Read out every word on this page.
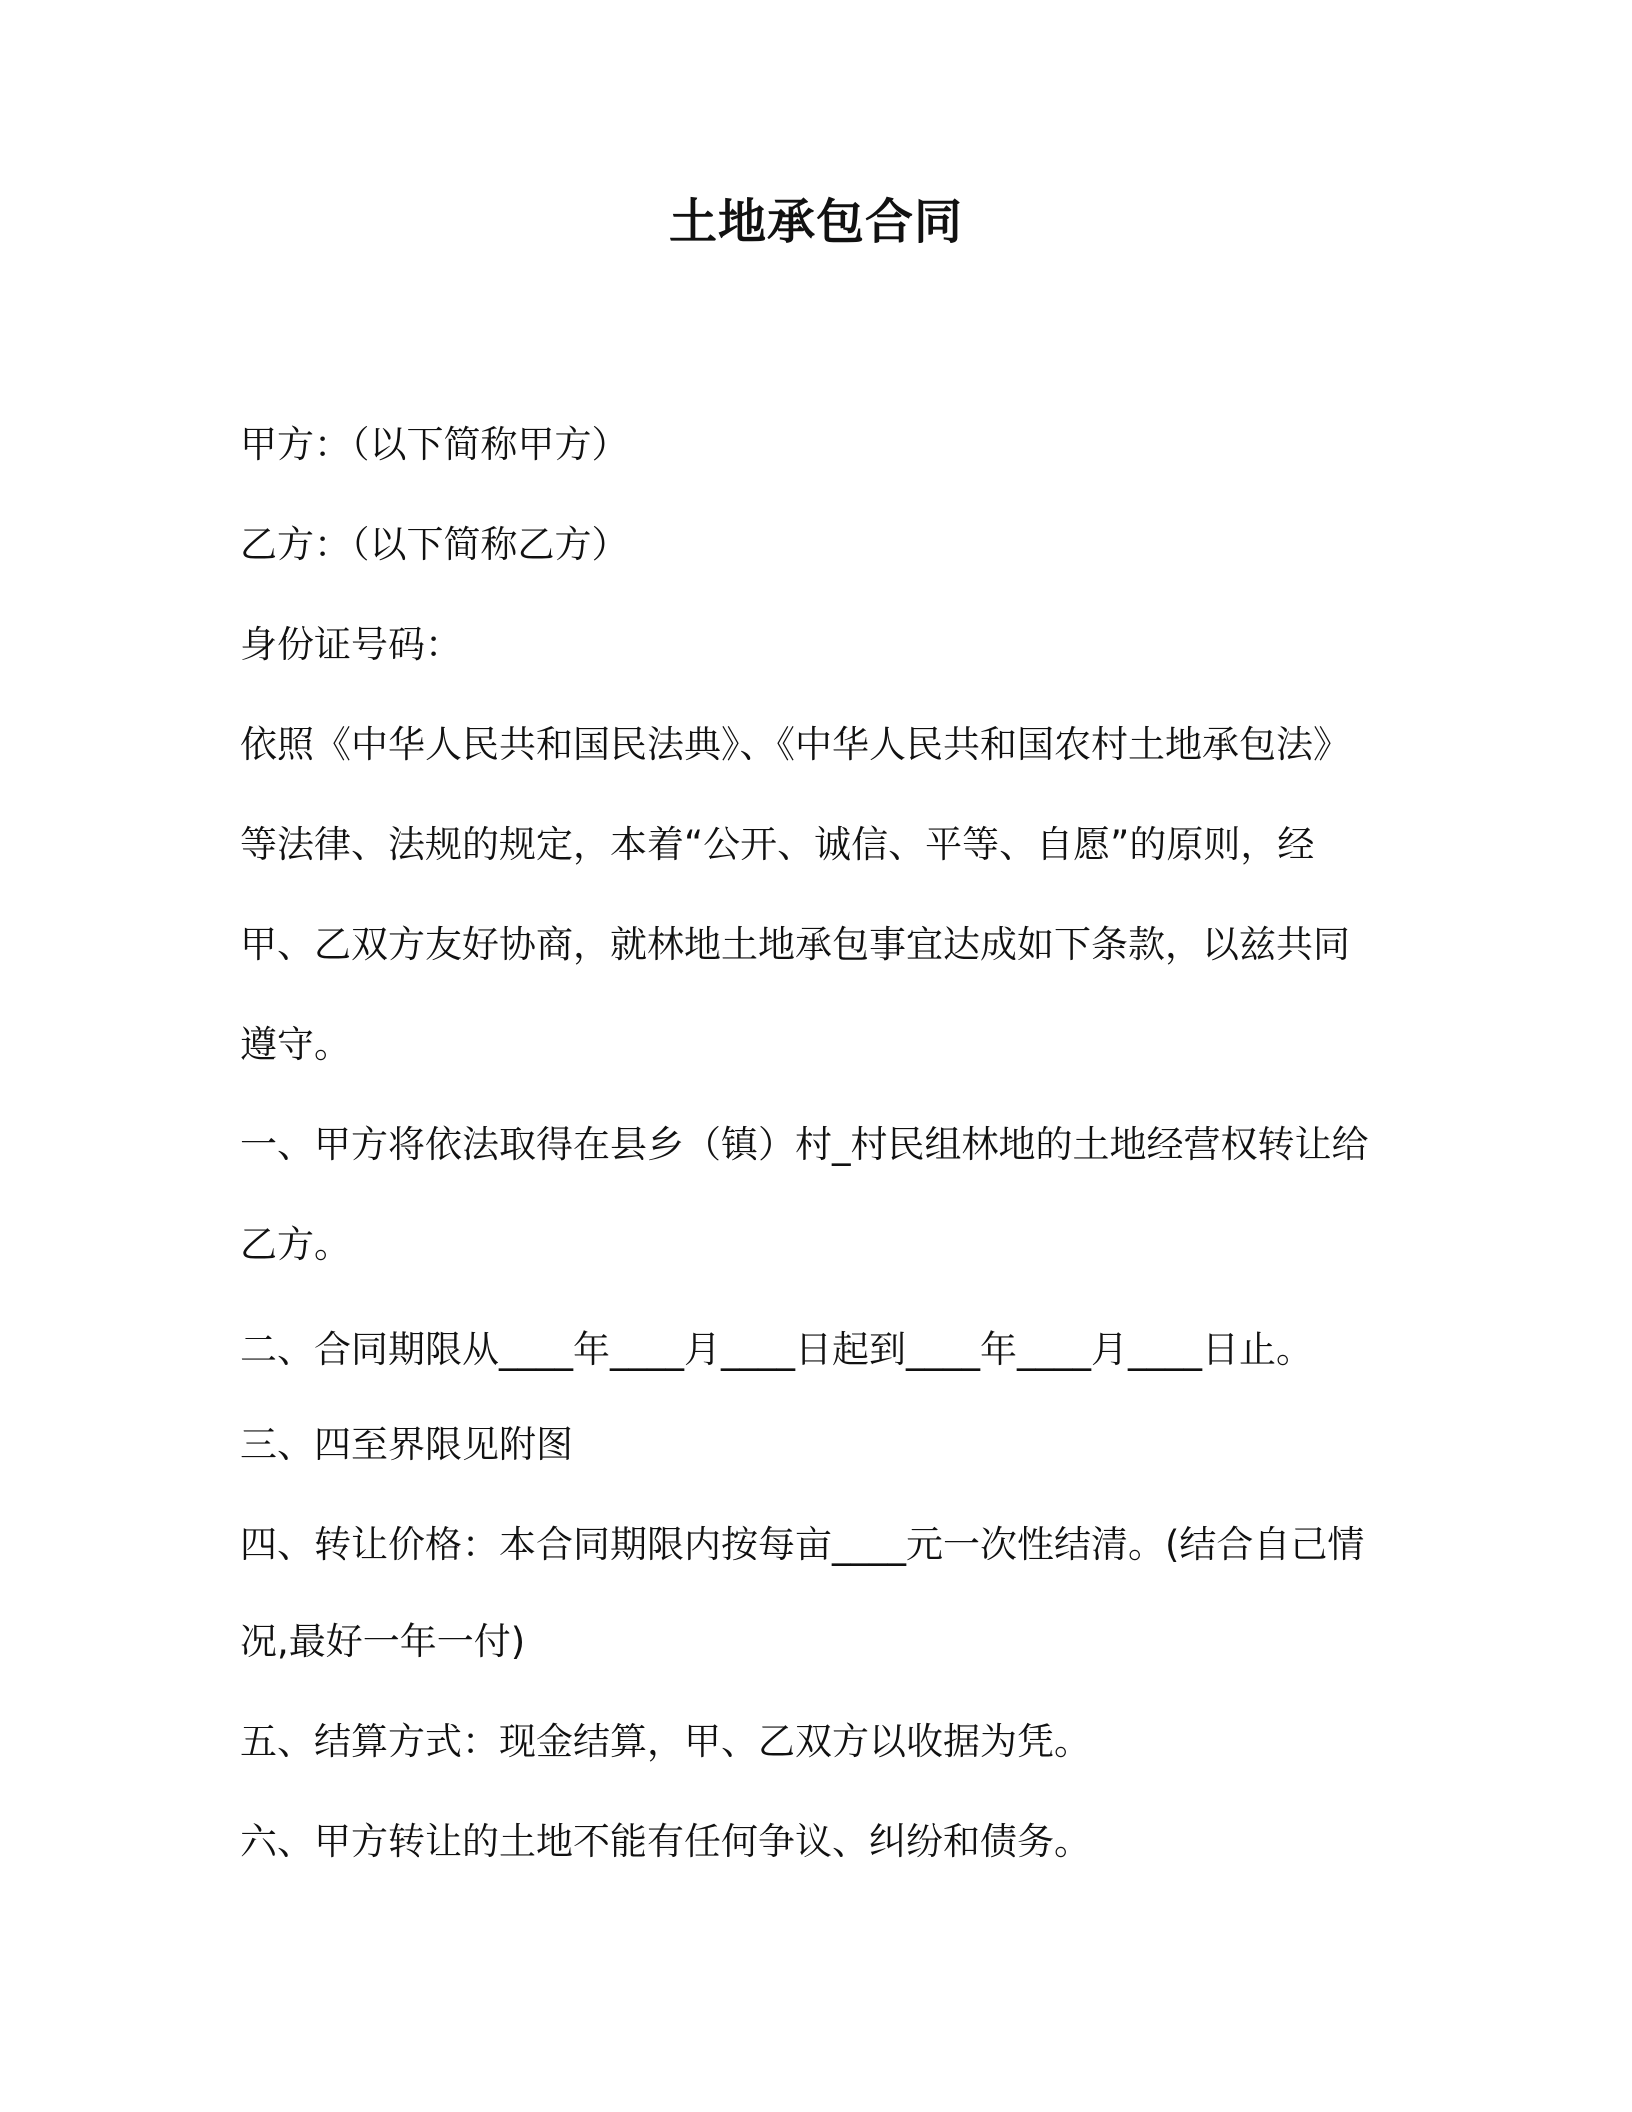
土地承包合同
甲方：（以下简称甲方）
乙方：（以下简称乙方）
身份证号码：
依照《中华人民共和国民法典》、《中华人民共和国农村土地承包法》
等法律、法规的规定，本着“公开、诚信、平等、自愿”的原则，经
甲、乙双方友好协商，就林地土地承包事宜达成如下条款，以兹共同
遵守。
一、甲方将依法取得在县乡（镇）村_村民组林地的土地经营权转让给
乙方。
二、合同期限从____年____月____日起到____年____月____日止。
三、四至界限见附图
四、转让价格：本合同期限内按每亩____元一次性结清。(结合自己情
况,最好一年一付)
五、结算方式：现金结算，甲、乙双方以收据为凭。
六、甲方转让的土地不能有任何争议、纠纷和债务。
